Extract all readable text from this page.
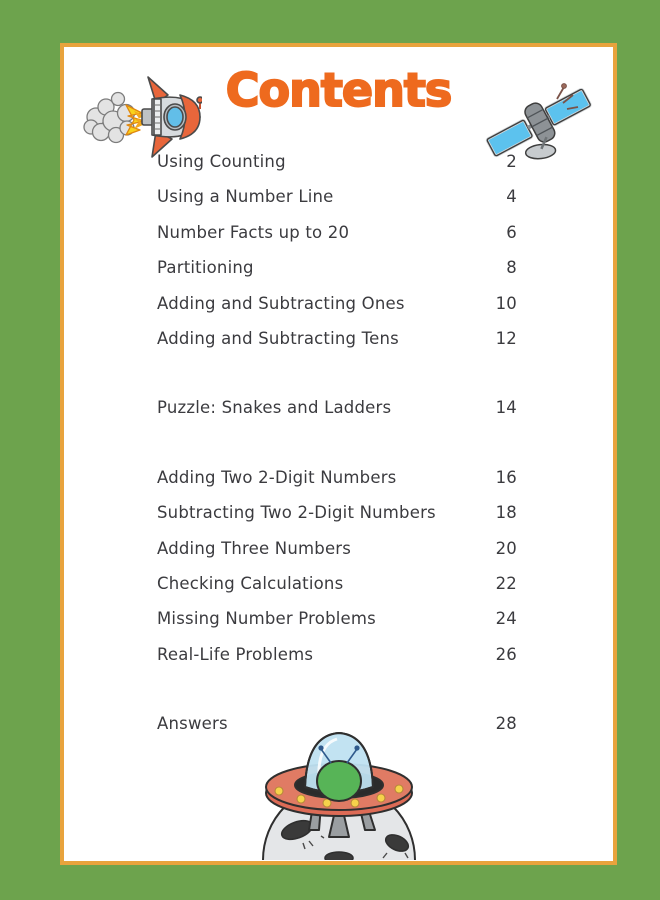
Contents
Using Counting	2
Using a Number Line	4
Number Facts up to 20	6
Partitioning	8
Adding and Subtracting Ones	10
Adding and Subtracting Tens	12
Puzzle: Snakes and Ladders	14
Adding Two 2-Digit Numbers	16
Subtracting Two 2-Digit Numbers	18
Adding Three Numbers	20
Checking Calculations	22
Missing Number Problems	24
Real-Life Problems	26
Answers	28
